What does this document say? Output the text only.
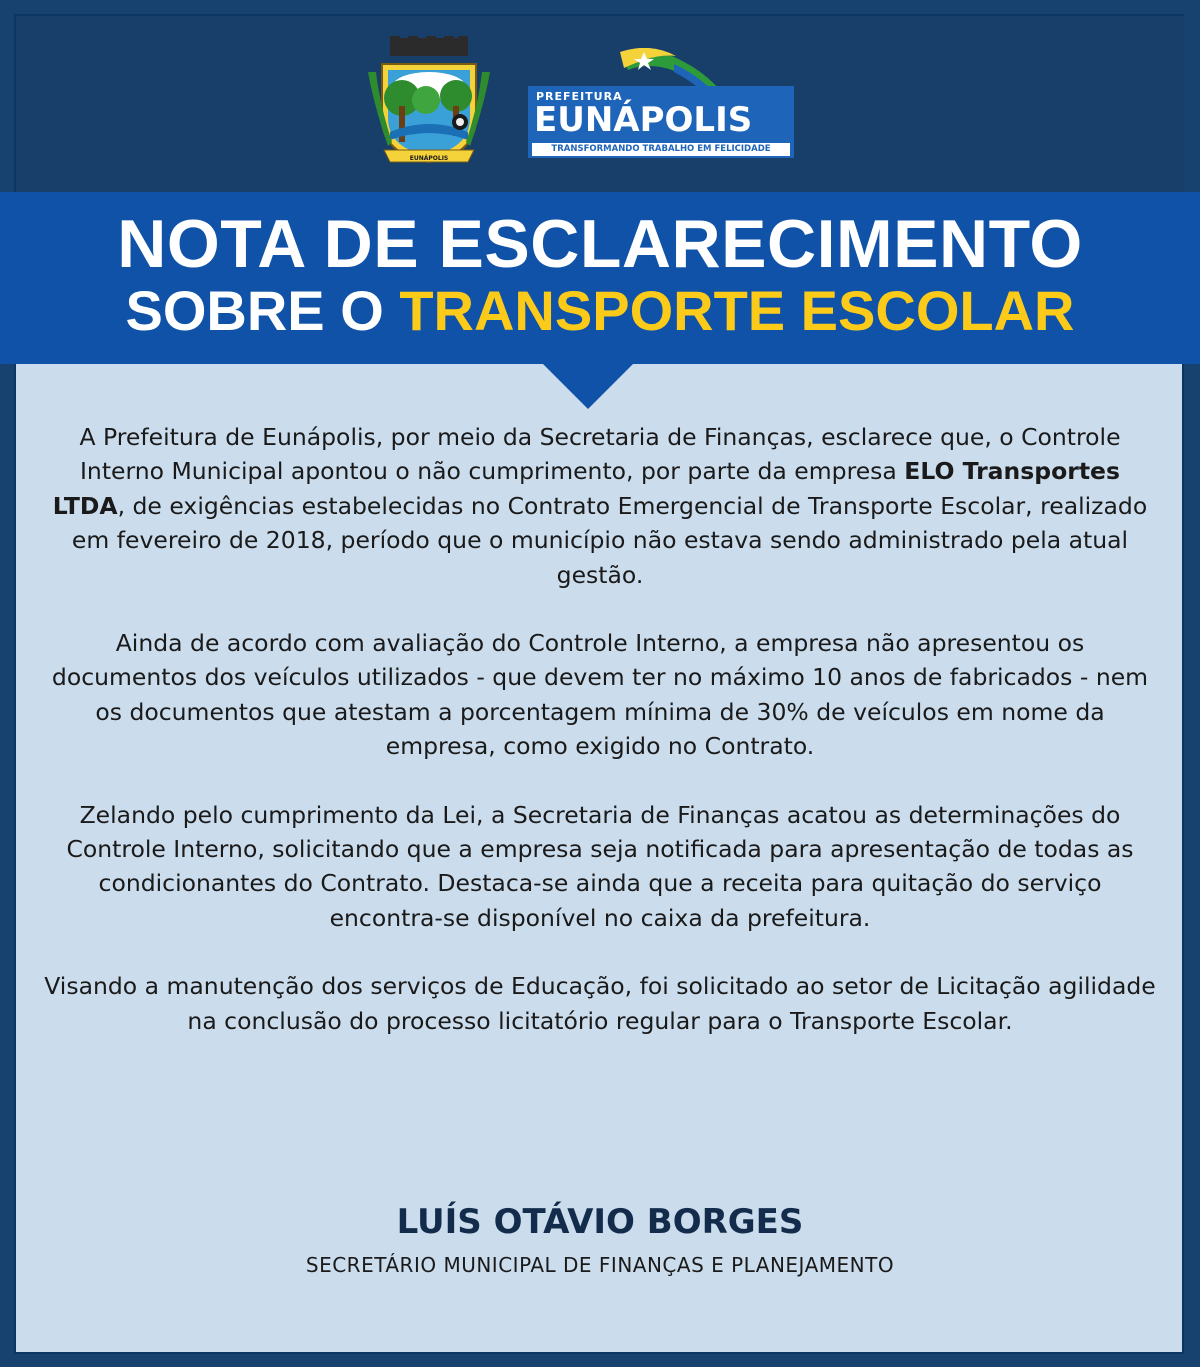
EUNÁPOLIS
PREFEITURA
EUNÁPOLIS
TRANSFORMANDO TRABALHO EM FELICIDADE
NOTA DE ESCLARECIMENTO
SOBRE O TRANSPORTE ESCOLAR

A Prefeitura de Eunápolis, por meio da Secretaria de Finanças, esclarece que, o Controle Interno Municipal apontou o não cumprimento, por parte da empresa ELO Transportes LTDA, de exigências estabelecidas no Contrato Emergencial de Transporte Escolar, realizado em fevereiro de 2018, período que o município não estava sendo administrado pela atual gestão.

Ainda de acordo com avaliação do Controle Interno, a empresa não apresentou os documentos dos veículos utilizados - que devem ter no máximo 10 anos de fabricados - nem os documentos que atestam a porcentagem mínima de 30% de veículos em nome da empresa, como exigido no Contrato.

Zelando pelo cumprimento da Lei, a Secretaria de Finanças acatou as determinações do Controle Interno, solicitando que a empresa seja notificada para apresentação de todas as condicionantes do Contrato. Destaca-se ainda que a receita para quitação do serviço encontra-se disponível no caixa da prefeitura.

Visando a manutenção dos serviços de Educação, foi solicitado ao setor de Licitação agilidade na conclusão do processo licitatório regular para o Transporte Escolar.

LUÍS OTÁVIO BORGES
SECRETÁRIO MUNICIPAL DE FINANÇAS E PLANEJAMENTO
